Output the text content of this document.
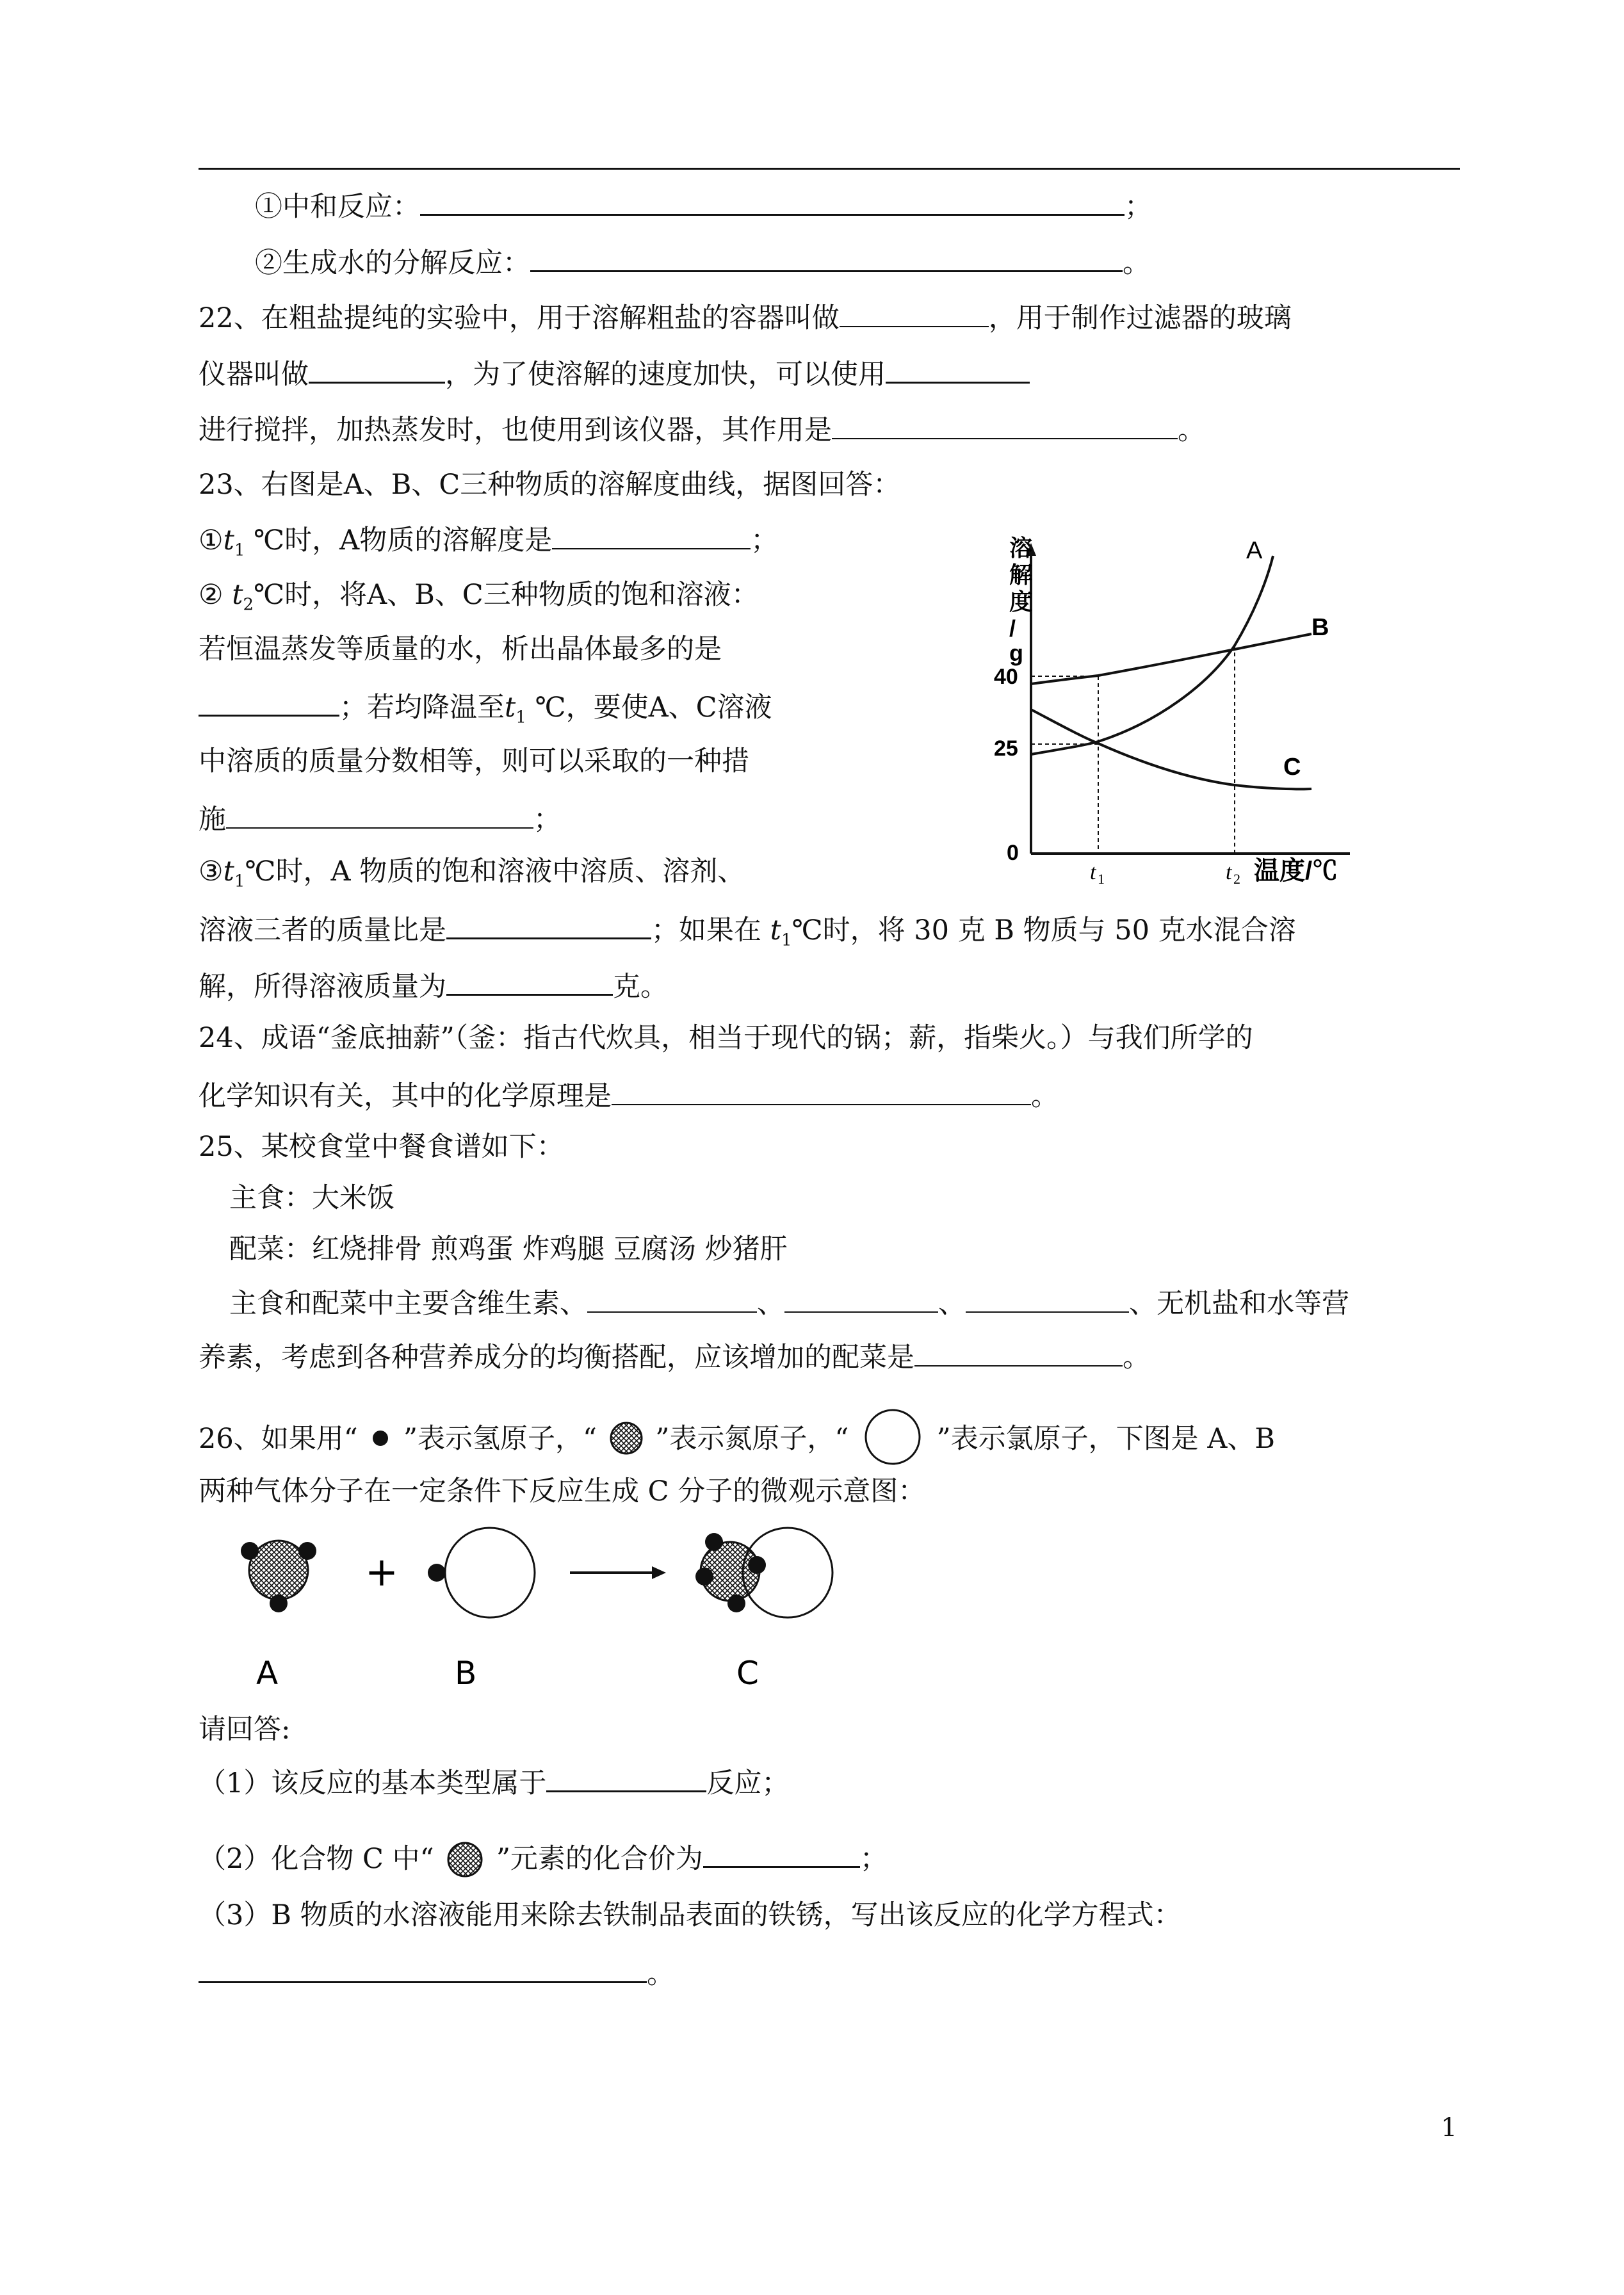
①中和反应：	；
②生成水的分解反应：	。
22、在粗盐提纯的实验中，用于溶解粗盐的容器叫做	，用于制作过滤器的玻璃
仪器叫做	，为了使溶解的速度加快，可以使用
进行搅拌，加热蒸发时，也使用到该仪器，其作用是	。
23、右图是A、B、C三种物质的溶解度曲线，据图回答：
$①t_1$ ℃时，A物质的溶解度是	；
② $t_2℃$时，将A、B、C三种物质的饱和溶液：
若恒温蒸发等质量的水，析出晶体最多的是
；若均降温至$t_1$ ℃，要使A、C溶液
中溶质的质量分数相等，则可以采取的一种措
施	；
$③t_1℃$时，A 物质的饱和溶液中溶质、溶剂、
溶液三者的质量比是	；如果在 $t_1℃$时，将 30 克 B 物质与 50 克水混合溶
解，所得溶液质量为	克。
溶
解
度
/
g
40
25
0
A
B
C
t 1	t 2 温度/℃
24、成语“釜底抽薪”（釜：指古代炊具，相当于现代的锅；薪，指柴火。）与我们所学的
化学知识有关，其中的化学原理是	。
25、某校食堂中餐食谱如下：
主食：大米饭
配菜：红烧排骨 煎鸡蛋 炸鸡腿 豆腐汤 炒猪肝
主食和配菜中主要含维生素、	、	、	、无机盐和水等营
养素，考虑到各种营养成分的均衡搭配，应该增加的配菜是	。
26、如果用“ ”表示氢原子，“ ”表示氮原子，“	”表示氯原子，下图是 A、B
两种气体分子在一定条件下反应生成 C 分子的微观示意图：
+
A	B	C
请回答:
（1）该反应的基本类型属于	反应；
（2）化合物 C 中“ ”元素的化合价为	；
（3）B 物质的水溶液能用来除去铁制品表面的铁锈，写出该反应的化学方程式：
。
1
